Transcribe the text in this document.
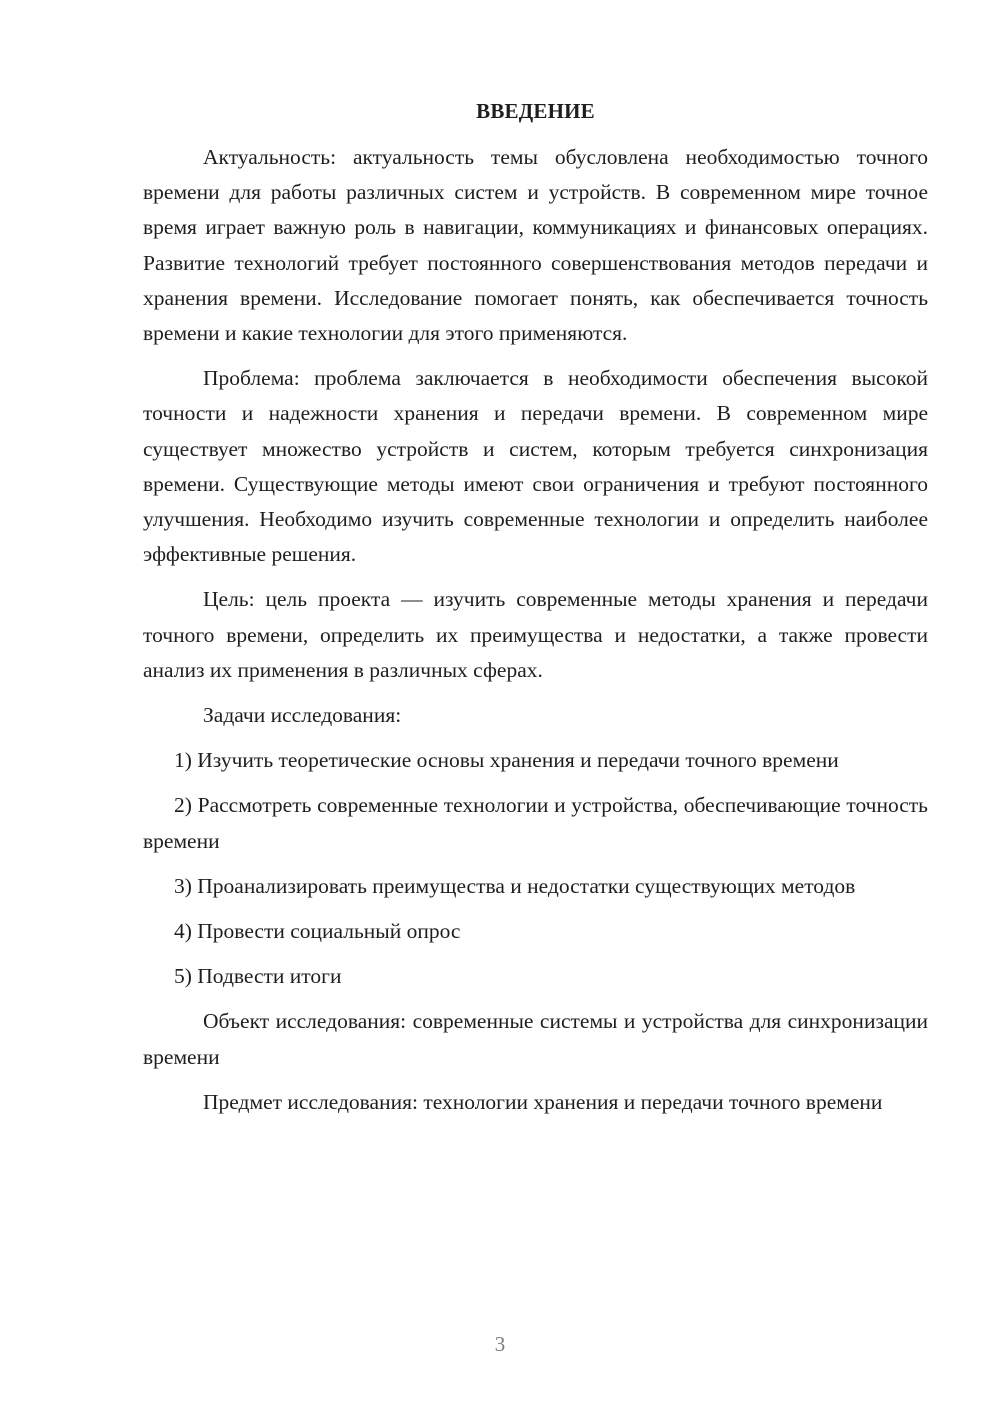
ВВЕДЕНИЕ

Актуальность: актуальность темы обусловлена необходимостью точного времени для работы различных систем и устройств. В современном мире точное время играет важную роль в навигации, коммуникациях и финансовых операциях. Развитие технологий требует постоянного совершенствования методов передачи и хранения времени. Исследование помогает понять, как обеспечивается точность времени и какие технологии для этого применяются.

Проблема: проблема заключается в необходимости обеспечения высокой точности и надежности хранения и передачи времени. В современном мире существует множество устройств и систем, которым требуется синхронизация времени. Существующие методы имеют свои ограничения и требуют постоянного улучшения. Необходимо изучить современные технологии и определить наиболее эффективные решения.

Цель: цель проекта — изучить современные методы хранения и передачи точного времени, определить их преимущества и недостатки, а также провести анализ их применения в различных сферах.

Задачи исследования:

1) Изучить теоретические основы хранения и передачи точного времени

2) Рассмотреть современные технологии и устройства, обеспечивающие точность времени

3) Проанализировать преимущества и недостатки существующих методов

4) Провести социальный опрос

5) Подвести итоги

Объект исследования: современные системы и устройства для синхронизации времени

Предмет исследования: технологии хранения и передачи точного времени

3
